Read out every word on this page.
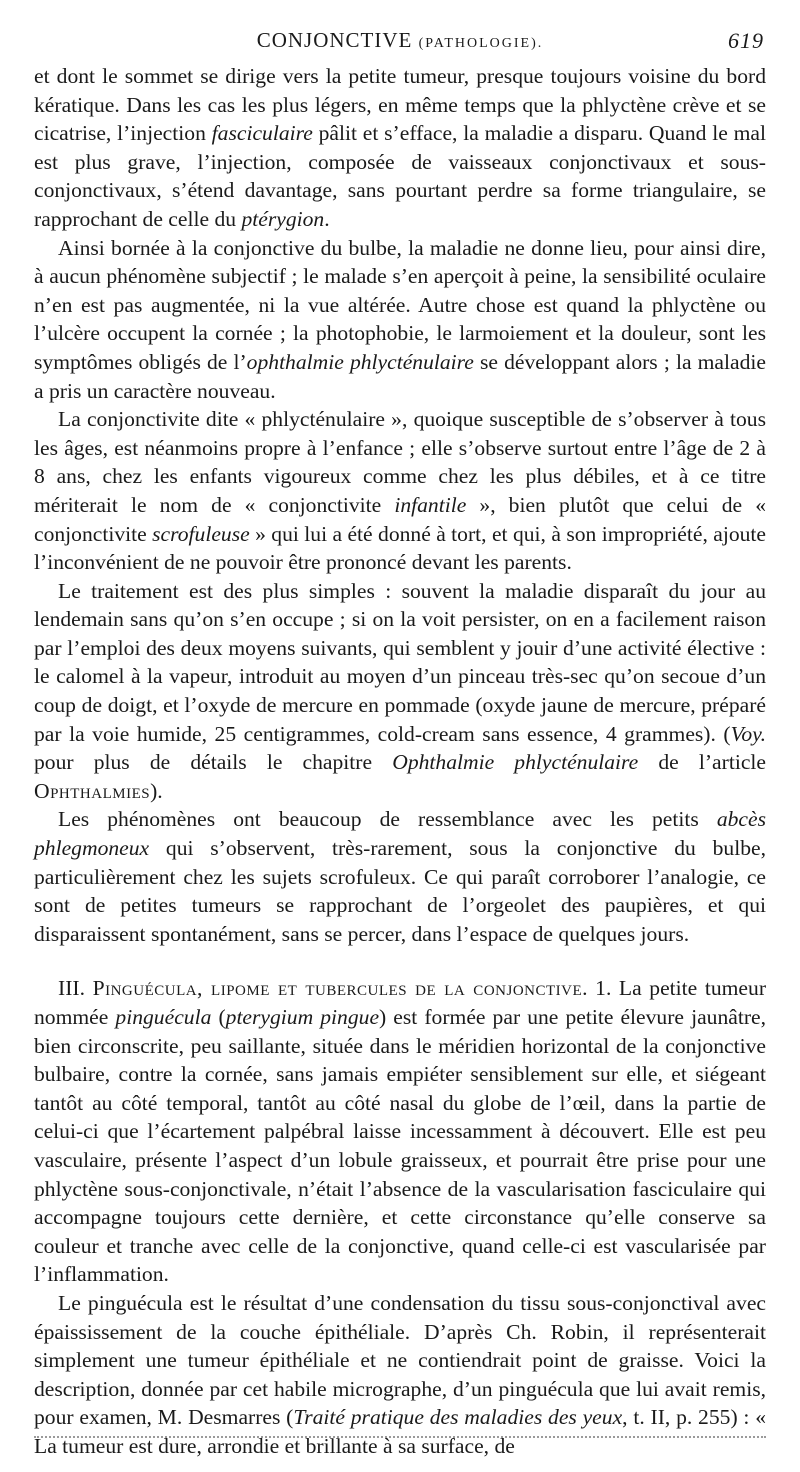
CONJONCTIVE (PATHOLOGIE).	619

et dont le sommet se dirige vers la petite tumeur, presque toujours voisine du bord kératique. Dans les cas les plus légers, en même temps que la phlyctène crève et se cicatrise, l’injection fasciculaire pâlit et s’efface, la maladie a disparu. Quand le mal est plus grave, l’injection, composée de vaisseaux conjonctivaux et sous-conjonctivaux, s’étend davantage, sans pourtant perdre sa forme triangulaire, se rapprochant de celle du ptérygion.

Ainsi bornée à la conjonctive du bulbe, la maladie ne donne lieu, pour ainsi dire, à aucun phénomène subjectif ; le malade s’en aperçoit à peine, la sensibilité oculaire n’en est pas augmentée, ni la vue altérée. Autre chose est quand la phlyctène ou l’ulcère occupent la cornée ; la photophobie, le larmoiement et la douleur, sont les symptômes obligés de l’ophthalmie phlycténulaire se développant alors ; la maladie a pris un caractère nouveau.

La conjonctivite dite « phlycténulaire », quoique susceptible de s’observer à tous les âges, est néanmoins propre à l’enfance ; elle s’observe surtout entre l’âge de 2 à 8 ans, chez les enfants vigoureux comme chez les plus débiles, et à ce titre mériterait le nom de « conjonctivite infantile », bien plutôt que celui de « conjonctivite scrofuleuse » qui lui a été donné à tort, et qui, à son impropriété, ajoute l’inconvénient de ne pouvoir être prononcé devant les parents.

Le traitement est des plus simples : souvent la maladie disparaît du jour au lendemain sans qu’on s’en occupe ; si on la voit persister, on en a facilement raison par l’emploi des deux moyens suivants, qui semblent y jouir d’une activité élective : le calomel à la vapeur, introduit au moyen d’un pinceau très-sec qu’on secoue d’un coup de doigt, et l’oxyde de mercure en pommade (oxyde jaune de mercure, préparé par la voie humide, 25 centigrammes, cold-cream sans essence, 4 grammes). (Voy. pour plus de détails le chapitre Ophthalmie phlycténulaire de l’article Ophthalmies).

Les phénomènes ont beaucoup de ressemblance avec les petits abcès phlegmoneux qui s’observent, très-rarement, sous la conjonctive du bulbe, particulièrement chez les sujets scrofuleux. Ce qui paraît corroborer l’analogie, ce sont de petites tumeurs se rapprochant de l’orgeolet des paupières, et qui disparaissent spontanément, sans se percer, dans l’espace de quelques jours.

III. Pinguécula, lipome et tubercules de la conjonctive. 1. La petite tumeur nommée pinguécula (pterygium pingue) est formée par une petite élevure jaunâtre, bien circonscrite, peu saillante, située dans le méridien horizontal de la conjonctive bulbaire, contre la cornée, sans jamais empiéter sensiblement sur elle, et siégeant tantôt au côté temporal, tantôt au côté nasal du globe de l’œil, dans la partie de celui-ci que l’écartement palpébral laisse incessamment à découvert. Elle est peu vasculaire, présente l’aspect d’un lobule graisseux, et pourrait être prise pour une phlyctène sous-conjonctivale, n’était l’absence de la vascularisation fasciculaire qui accompagne toujours cette dernière, et cette circonstance qu’elle conserve sa couleur et tranche avec celle de la conjonctive, quand celle-ci est vascularisée par l’inflammation.

Le pinguécula est le résultat d’une condensation du tissu sous-conjonctival avec épaississement de la couche épithéliale. D’après Ch. Robin, il représenterait simplement une tumeur épithéliale et ne contiendrait point de graisse. Voici la description, donnée par cet habile micrographe, d’un pinguécula que lui avait remis, pour examen, M. Desmarres (Traité pratique des maladies des yeux, t. II, p. 255) : « La tumeur est dure, arrondie et brillante à sa surface, de
